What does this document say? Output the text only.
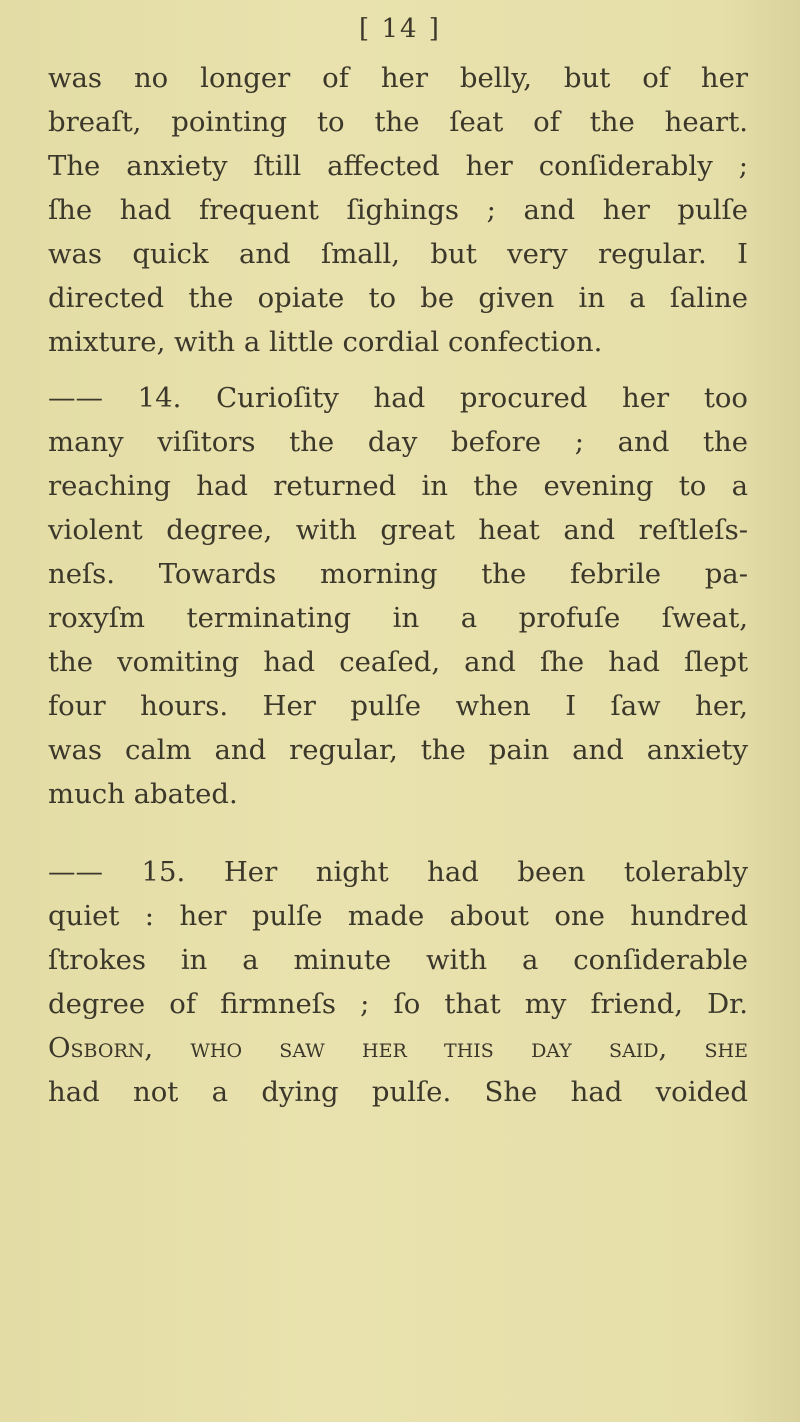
[ 14 ]
was no longer of her belly, but of her
breaſt, pointing to the ſeat of the heart.
The anxiety ſtill affected her conſiderably ;
ſhe had frequent ſighings ; and her pulſe
was quick and ſmall, but very regular. I
directed the opiate to be given in a ſaline
mixture, with a little cordial confection.
—— 14. Curioſity had procured her too
many viſitors the day before ; and the
reaching had returned in the evening to a
violent degree, with great heat and reſtleſs-
neſs. Towards morning the febrile pa-
roxyſm terminating in a profuſe ſweat,
the vomiting had ceaſed, and ſhe had ſlept
four hours. Her pulſe when I ſaw her,
was calm and regular, the pain and anxiety
much abated.
—— 15. Her night had been tolerably
quiet : her pulſe made about one hundred
ſtrokes in a minute with a conſiderable
degree of firmneſs ; ſo that my friend, Dr.
Osborn, who ſaw her this day ſaid, ſhe
had not a dying pulſe. She had voided
